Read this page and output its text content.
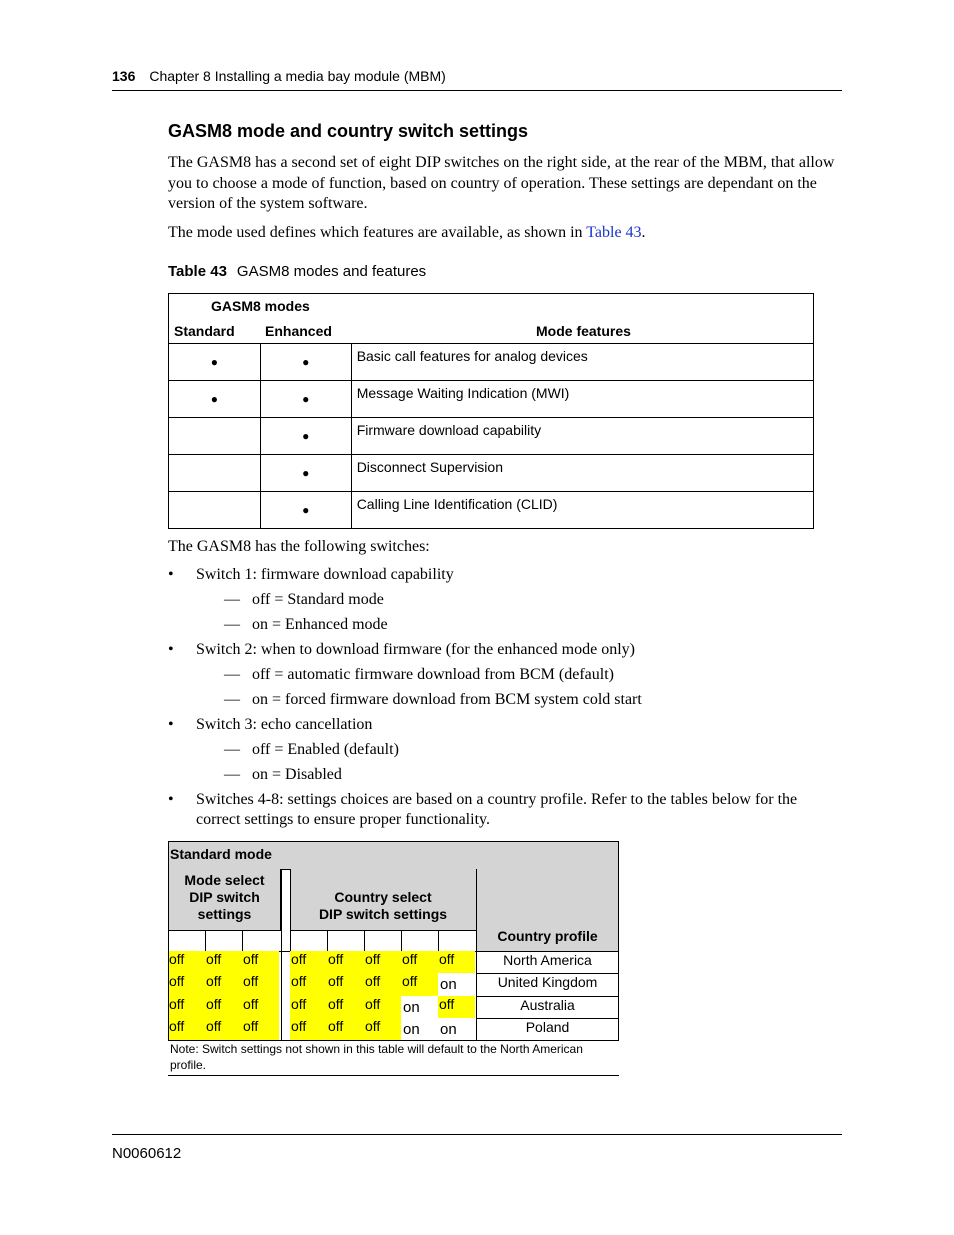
136 Chapter 8 Installing a media bay module (MBM)
GASM8 mode and country switch settings
The GASM8 has a second set of eight DIP switches on the right side, at the rear of the MBM, that allow you to choose a mode of function, based on country of operation. These settings are dependant on the version of the system software.
The mode used defines which features are available, as shown in Table 43.
Table 43 GASM8 modes and features
GASM8 modes
Standard Enhanced Mode features		

●	●	Basic call features for analog devices
●	●	Message Waiting Indication (MWI)
	●	Firmware download capability
	●	Disconnect Supervision
	●	Calling Line Identification (CLID)
The GASM8 has the following switches:
• Switch 1: firmware download capability
— off = Standard mode
— on = Enhanced mode
• Switch 2: when to download firmware (for the enhanced mode only)
— off = automatic firmware download from BCM (default)
— on = forced firmware download from BCM system cold start
• Switch 3: echo cancellation
— off = Enabled (default)
— on = Disabled
• Switches 4-8: settings choices are based on a country profile. Refer to the tables below for the
correct settings to ensure proper functionality.
Standard mode
Mode select
DIP switch
settings
Country select
DIP switch settings
Country profile
off	off	off	off	off	off	off	off	North America
off	off	off	off	off	off	off	on	United Kingdom
off	off	off	off	off	off	on	off	Australia
off	off	off	off	off	off	on	on	Poland
Note: Switch settings not shown in this table will default to the North American
profile.
N0060612
